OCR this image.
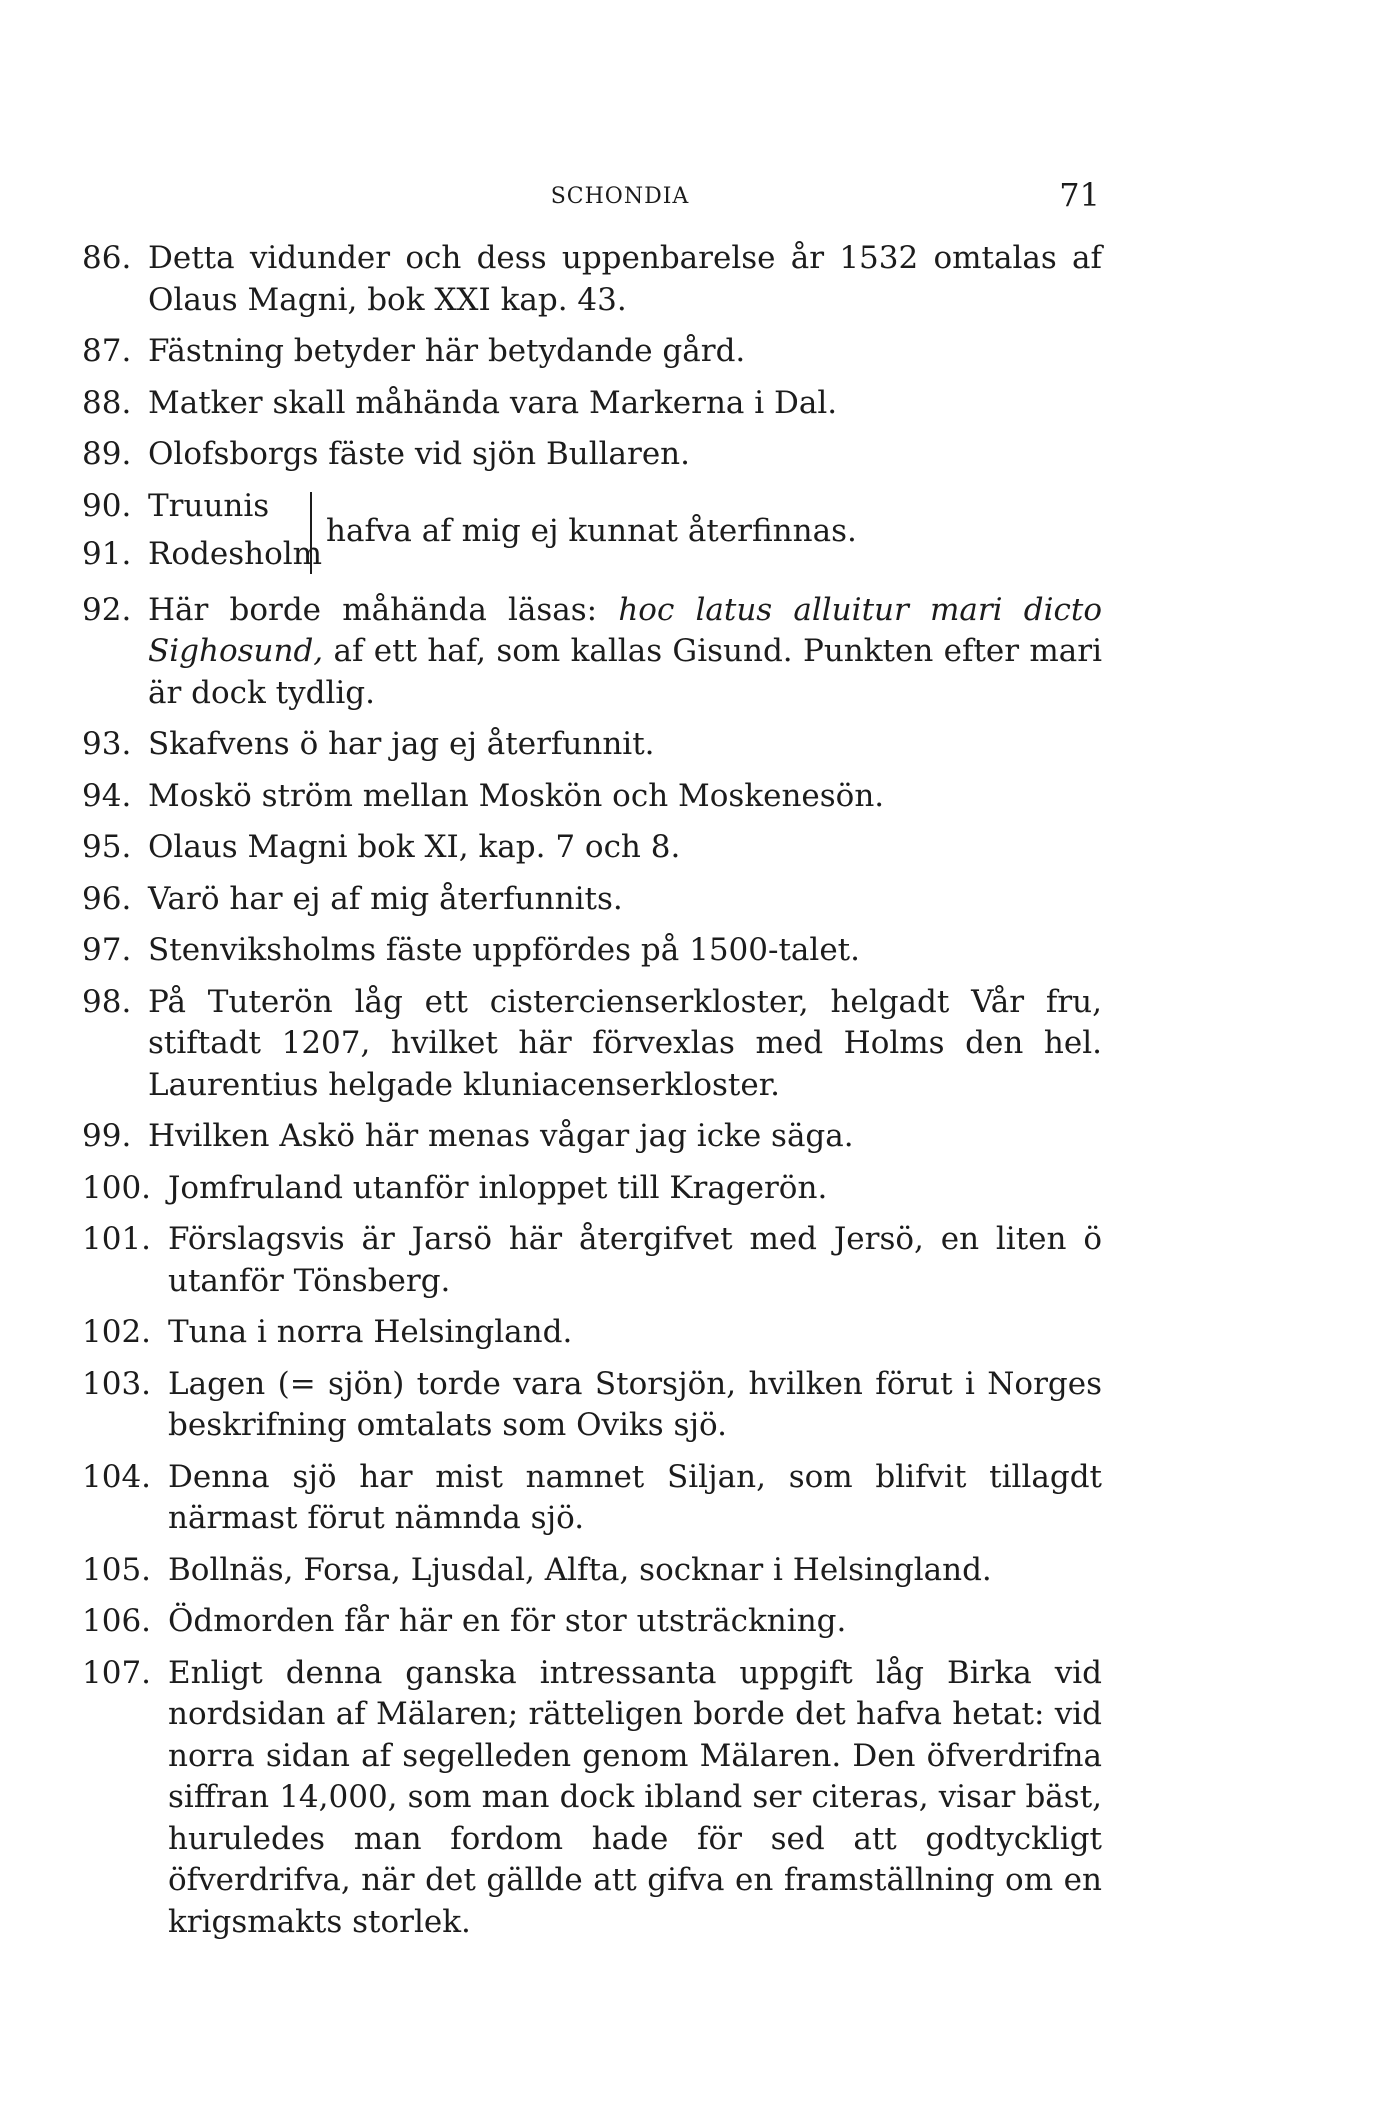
SCHONDIA	71
86. Detta vidunder och dess uppenbarelse år 1532 omtalas af Olaus Magni, bok XXI kap. 43.
87. Fästning betyder här betydande gård.
88. Matker skall måhända vara Markerna i Dal.
89. Olofsborgs fäste vid sjön Bullaren.
90. Truunis
91. Rodesholm
hafva af mig ej kunnat återfinnas.
92. Här borde måhända läsas: hoc latus alluitur mari dicto Sighosund, af ett haf, som kallas Gisund. Punkten efter mari är dock tydlig.
93. Skafvens ö har jag ej återfunnit.
94. Moskö ström mellan Moskön och Moskenesön.
95. Olaus Magni bok XI, kap. 7 och 8.
96. Varö har ej af mig återfunnits.
97. Stenviksholms fäste uppfördes på 1500-talet.
98. På Tuterön låg ett cistercienserkloster, helgadt Vår fru, stiftadt 1207, hvilket här förvexlas med Holms den hel. Laurentius helgade kluniacenserkloster.
99. Hvilken Askö här menas vågar jag icke säga.
100. Jomfruland utanför inloppet till Kragerön.
101. Förslagsvis är Jarsö här återgifvet med Jersö, en liten ö utanför Tönsberg.
102. Tuna i norra Helsingland.
103. Lagen (= sjön) torde vara Storsjön, hvilken förut i Norges beskrifning omtalats som Oviks sjö.
104. Denna sjö har mist namnet Siljan, som blifvit tillagdt närmast förut nämnda sjö.
105. Bollnäs, Forsa, Ljusdal, Alfta, socknar i Helsingland.
106. Ödmorden får här en för stor utsträckning.
107. Enligt denna ganska intressanta uppgift låg Birka vid nordsidan af Mälaren; rätteligen borde det hafva hetat: vid norra sidan af segelleden genom Mälaren. Den öfverdrifna siffran 14,000, som man dock ibland ser citeras, visar bäst, huruledes man fordom hade för sed att godtyckligt öfverdrifva, när det gällde att gifva en framställning om en krigsmakts storlek.
